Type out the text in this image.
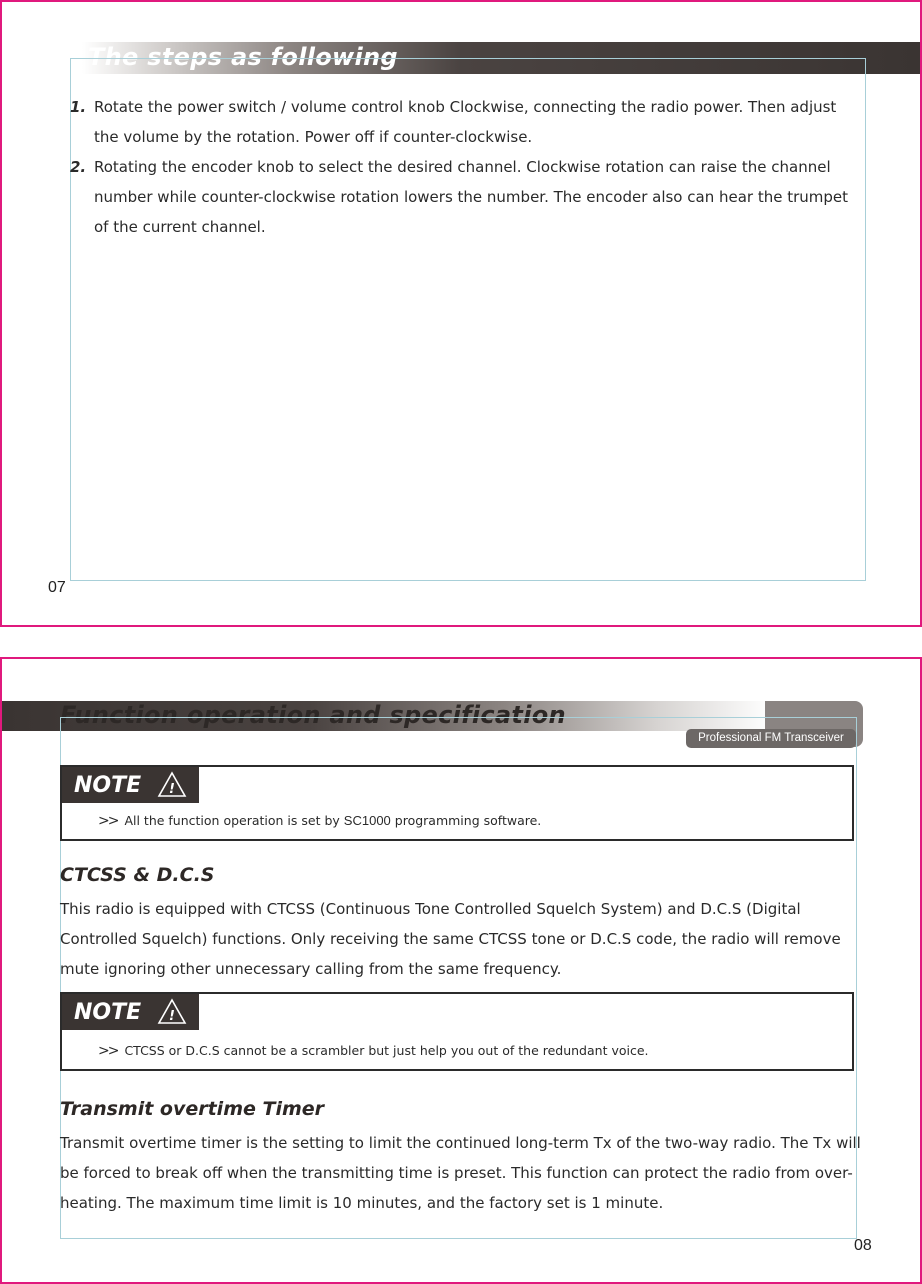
The steps as following
1. Rotate the power switch / volume control knob Clockwise, connecting the radio power. Then adjust the volume by the rotation. Power off if counter-clockwise.
2. Rotating the encoder knob to select the desired channel. Clockwise rotation can raise the channel number while counter-clockwise rotation lowers the number. The encoder also can hear the trumpet of the current channel.
07
Function operation and specification
Professional FM Transceiver
NOTE !
>> All the function operation is set by SC1000 programming software.
CTCSS & D.C.S

This radio is equipped with CTCSS (Continuous Tone Controlled Squelch System) and D.C.S (Digital Controlled Squelch) functions. Only receiving the same CTCSS tone or D.C.S code, the radio will remove mute ignoring other unnecessary calling from the same frequency.

NOTE !
>> CTCSS or D.C.S cannot be a scrambler but just help you out of the redundant voice.
Transmit overtime Timer

Transmit overtime timer is the setting to limit the continued long-term Tx of the two-way radio. The Tx will be forced to break off when the transmitting time is preset. This function can protect the radio from over-heating. The maximum time limit is 10 minutes, and the factory set is 1 minute.

08
